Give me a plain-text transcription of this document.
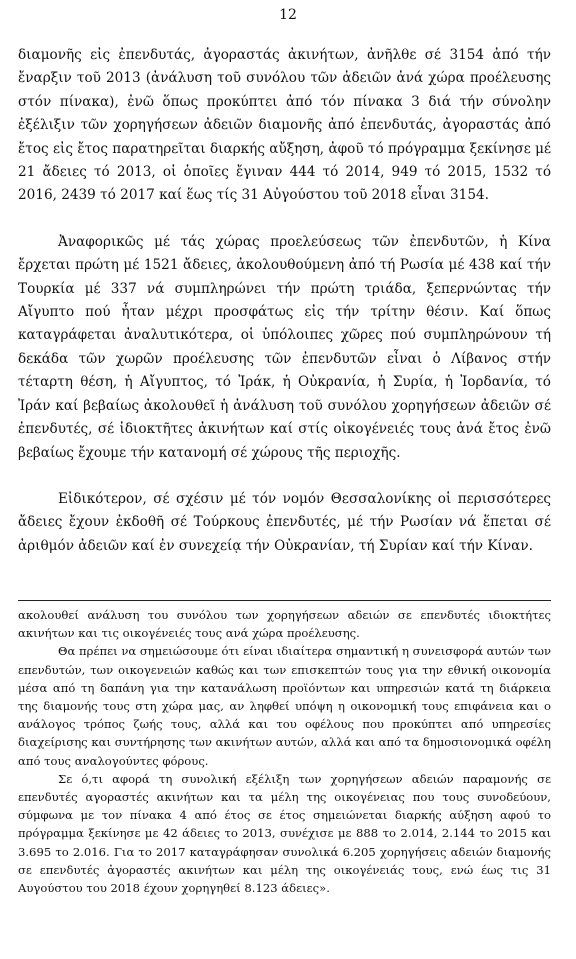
12

διαμονῆς εἰς ἐπενδυτάς, ἀγοραστάς ἀκινήτων, ἀνῆλθε σέ 3154 ἀπό τήν ἔναρξιν τοῦ 2013 (ἀνάλυση τοῦ συνόλου τῶν ἀδειῶν ἀνά χώρα προέλευσης στόν πίνακα), ἐνῶ ὅπως προκύπτει ἀπό τόν πίνακα 3 διά τήν σύνολην ἐξέλιξιν τῶν χορηγήσεων ἀδειῶν διαμονῆς ἀπό ἐπενδυτάς, ἀγοραστάς ἀπό ἔτος εἰς ἔτος παρατηρεῖται διαρκής αὔξηση, ἀφοῦ τό πρόγραμμα ξεκίνησε μέ 21 ἄδειες τό 2013, οἱ ὁποῖες ἔγιναν 444 τό 2014, 949 τό 2015, 1532 τό 2016, 2439 τό 2017 καί ἕως τίς 31 Αὐγούστου τοῦ 2018 εἶναι 3154.

Ἀναφορικῶς μέ τάς χώρας προελεύσεως τῶν ἐπενδυτῶν, ἡ Κίνα ἔρχεται πρώτη μέ 1521 ἄδειες, ἀκολουθούμενη ἀπό τή Ρωσία μέ 438 καί τήν Τουρκία μέ 337 νά συμπληρώνει τήν πρώτη τριάδα, ξεπερνώντας τήν Αἴγυπτο πού ἦταν μέχρι προσφάτως εἰς τήν τρίτην θέσιν. Καί ὅπως καταγράφεται ἀναλυτικότερα, οἱ ὑπόλοιπες χῶρες πού συμπληρώνουν τή δεκάδα τῶν χωρῶν προέλευσης τῶν ἐπενδυτῶν εἶναι ὁ Λίβανος στήν τέταρτη θέση, ἡ Αἴγυπτος, τό Ἰράκ, ἡ Οὐκρανία, ἡ Συρία, ἡ Ἰορδανία, τό Ἰράν καί βεβαίως ἀκολουθεῖ ἡ ἀνάλυση τοῦ συνόλου χορηγήσεων ἀδειῶν σέ ἐπενδυτές, σέ ἰδιοκτῆτες ἀκινήτων καί στίς οἰκογένειές τους ἀνά ἔτος ἐνῶ βεβαίως ἔχουμε τήν κατανομή σέ χώρους τῆς περιοχῆς.

Εἰδικότερον, σέ σχέσιν μέ τόν νομόν Θεσσαλονίκης οἱ περισσότερες ἄδειες ἔχουν ἐκδοθῆ σέ Τούρκους ἐπενδυτές, μέ τήν Ρωσίαν νά ἕπεται σέ ἀριθμόν ἀδειῶν καί ἐν συνεχείᾳ τήν Οὐκρανίαν, τή Συρίαν καί τήν Κίναν.

ακολουθεί ανάλυση του συνόλου των χορηγήσεων αδειών σε επενδυτές ιδιοκτήτες ακινήτων και τις οικογένειές τους ανά χώρα προέλευσης.

Θα πρέπει να σημειώσουμε ότι είναι ιδιαίτερα σημαντική η συνεισφορά αυτών των επενδυτών, των οικογενειών καθώς και των επισκεπτών τους για την εθνική οικονομία μέσα από τη δαπάνη για την κατανάλωση προϊόντων και υπηρεσιών κατά τη διάρκεια της διαμονής τους στη χώρα μας, αν ληφθεί υπόψη η οικονομική τους επιφάνεια και ο ανάλογος τρόπος ζωής τους, αλλά και του οφέλους που προκύπτει από υπηρεσίες διαχείρισης και συντήρησης των ακινήτων αυτών, αλλά και από τα δημοσιονομικά οφέλη από τους αναλογούντες φόρους.

Σε ό,τι αφορά τη συνολική εξέλιξη των χορηγήσεων αδειών παραμονής σε επενδυτές αγοραστές ακινήτων και τα μέλη της οικογένειας που τους συνοδεύουν, σύμφωνα με τον πίνακα 4 από έτος σε έτος σημειώνεται διαρκής αύξηση αφού το πρόγραμμα ξεκίνησε με 42 άδειες το 2013, συνέχισε με 888 το 2.014, 2.144 το 2015 και 3.695 το 2.016. Για το 2017 καταγράφησαν συνολικά 6.205 χορηγήσεις αδειών διαμονής σε επενδυτές ἀγοραστές ακινήτων και μέλη της οικογένειάς τους, ενώ έως τις 31 Αυγούστου του 2018 έχουν χορηγηθεί 8.123 άδειες».
